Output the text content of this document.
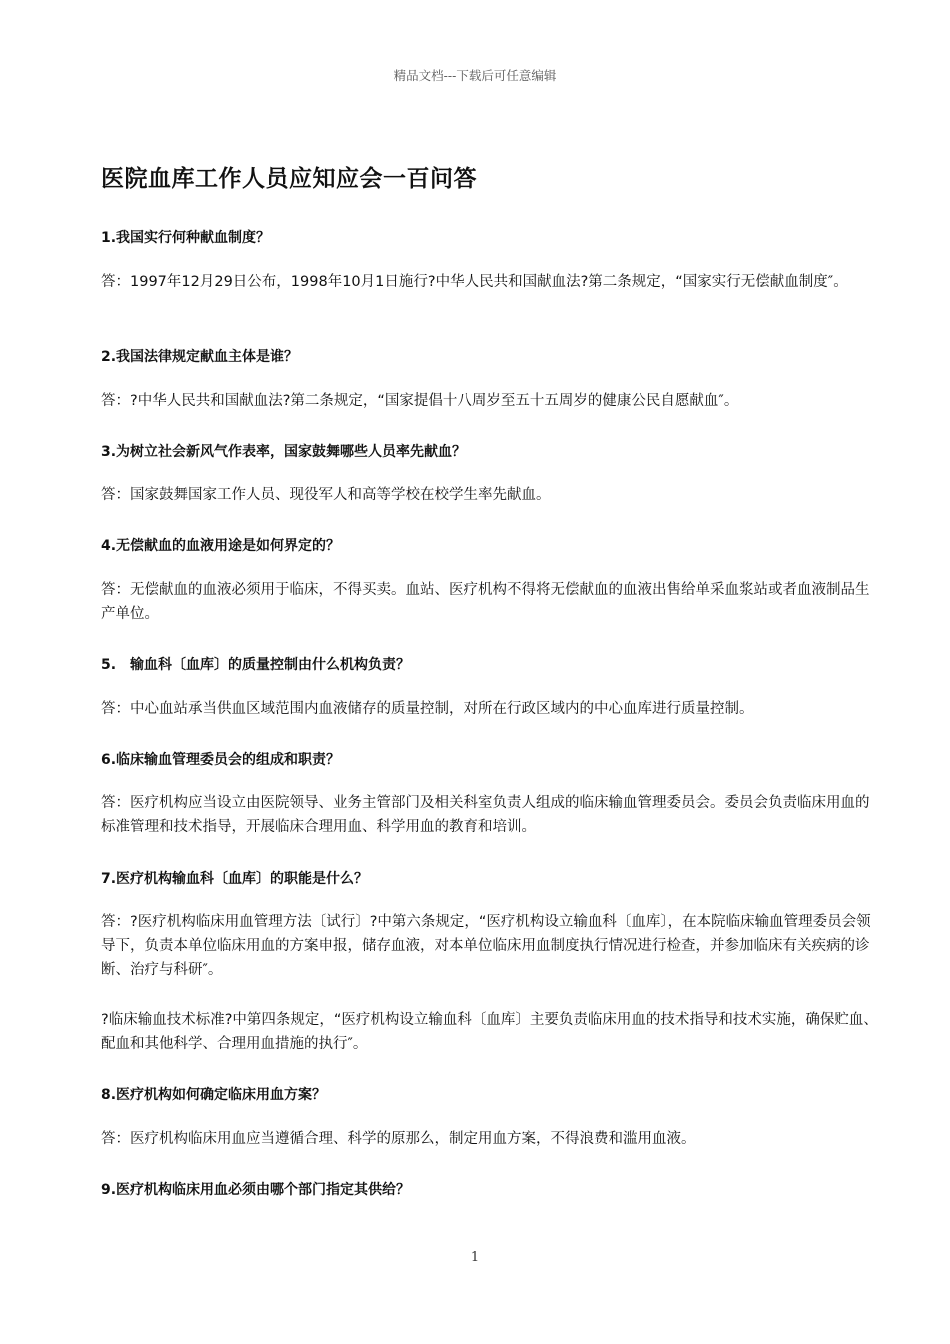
精品文档---下载后可任意编辑
医院血库工作人员应知应会一百问答
1.我国实行何种献血制度？

答：1997年12月29日公布，1998年10月1日施行?中华人民共和国献血法?第二条规定，“国家实行无偿献血制度″。

2.我国法律规定献血主体是谁？

答：?中华人民共和国献血法?第二条规定，“国家提倡十八周岁至五十五周岁的健康公民自愿献血″。

3.为树立社会新风气作表率，国家鼓舞哪些人员率先献血？

答：国家鼓舞国家工作人员、现役军人和高等学校在校学生率先献血。

4.无偿献血的血液用途是如何界定的？

答：无偿献血的血液必须用于临床，不得买卖。血站、医疗机构不得将无偿献血的血液出售给单采血浆站或者血液制品生产单位。

5.　输血科〔血库〕的质量控制由什么机构负责？

答：中心血站承当供血区域范围内血液储存的质量控制，对所在行政区域内的中心血库进行质量控制。

6.临床输血管理委员会的组成和职责？

答：医疗机构应当设立由医院领导、业务主管部门及相关科室负责人组成的临床输血管理委员会。委员会负责临床用血的标准管理和技术指导，开展临床合理用血、科学用血的教育和培训。

7.医疗机构输血科〔血库〕的职能是什么？

答：?医疗机构临床用血管理方法〔试行〕?中第六条规定，“医疗机构设立输血科〔血库〕，在本院临床输血管理委员会领导下，负责本单位临床用血的方案申报，储存血液，对本单位临床用血制度执行情况进行检查，并参加临床有关疾病的诊断、治疗与科研″。

?临床输血技术标准?中第四条规定，“医疗机构设立输血科〔血库〕主要负责临床用血的技术指导和技术实施，确保贮血、配血和其他科学、合理用血措施的执行″。

8.医疗机构如何确定临床用血方案？

答：医疗机构临床用血应当遵循合理、科学的原那么，制定用血方案，不得浪费和滥用血液。

9.医疗机构临床用血必须由哪个部门指定其供给？
1
